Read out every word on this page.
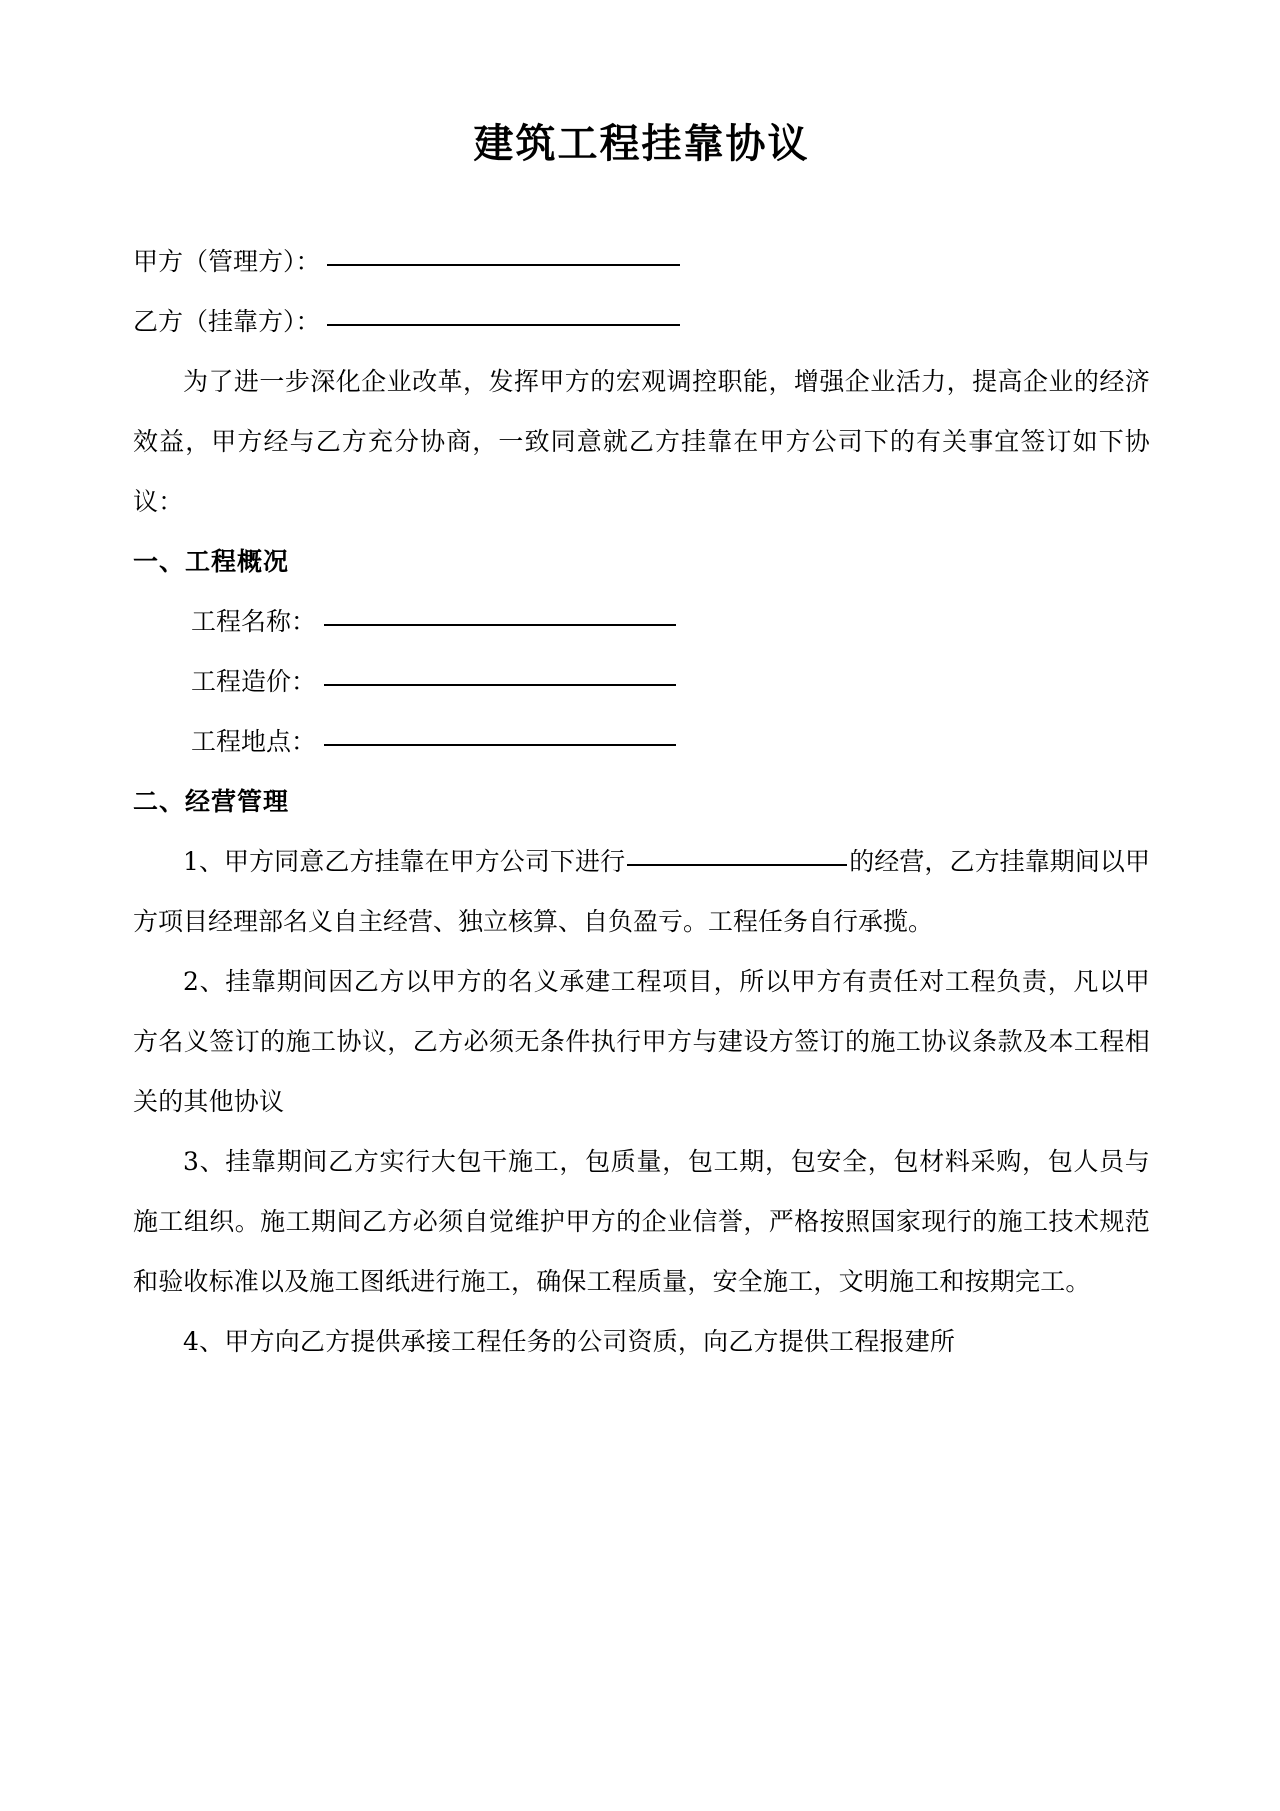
建筑工程挂靠协议
甲方（管理方）：
乙方（挂靠方）：

为了进一步深化企业改革，发挥甲方的宏观调控职能，增强企业活力，提高企业的经济效益，甲方经与乙方充分协商，一致同意就乙方挂靠在甲方公司下的有关事宜签订如下协议：

一、工程概况
工程名称：
工程造价：
工程地点：
二、经营管理

1、甲方同意乙方挂靠在甲方公司下进行	的经营，乙方挂靠期间以甲方项目经理部名义自主经营、独立核算、自负盈亏。工程任务自行承揽。

2、挂靠期间因乙方以甲方的名义承建工程项目，所以甲方有责任对工程负责，凡以甲方名义签订的施工协议，乙方必须无条件执行甲方与建设方签订的施工协议条款及本工程相关的其他协议

3、挂靠期间乙方实行大包干施工，包质量，包工期，包安全，包材料采购，包人员与施工组织。施工期间乙方必须自觉维护甲方的企业信誉，严格按照国家现行的施工技术规范和验收标准以及施工图纸进行施工，确保工程质量，安全施工，文明施工和按期完工。

4、甲方向乙方提供承接工程任务的公司资质，向乙方提供工程报建所
